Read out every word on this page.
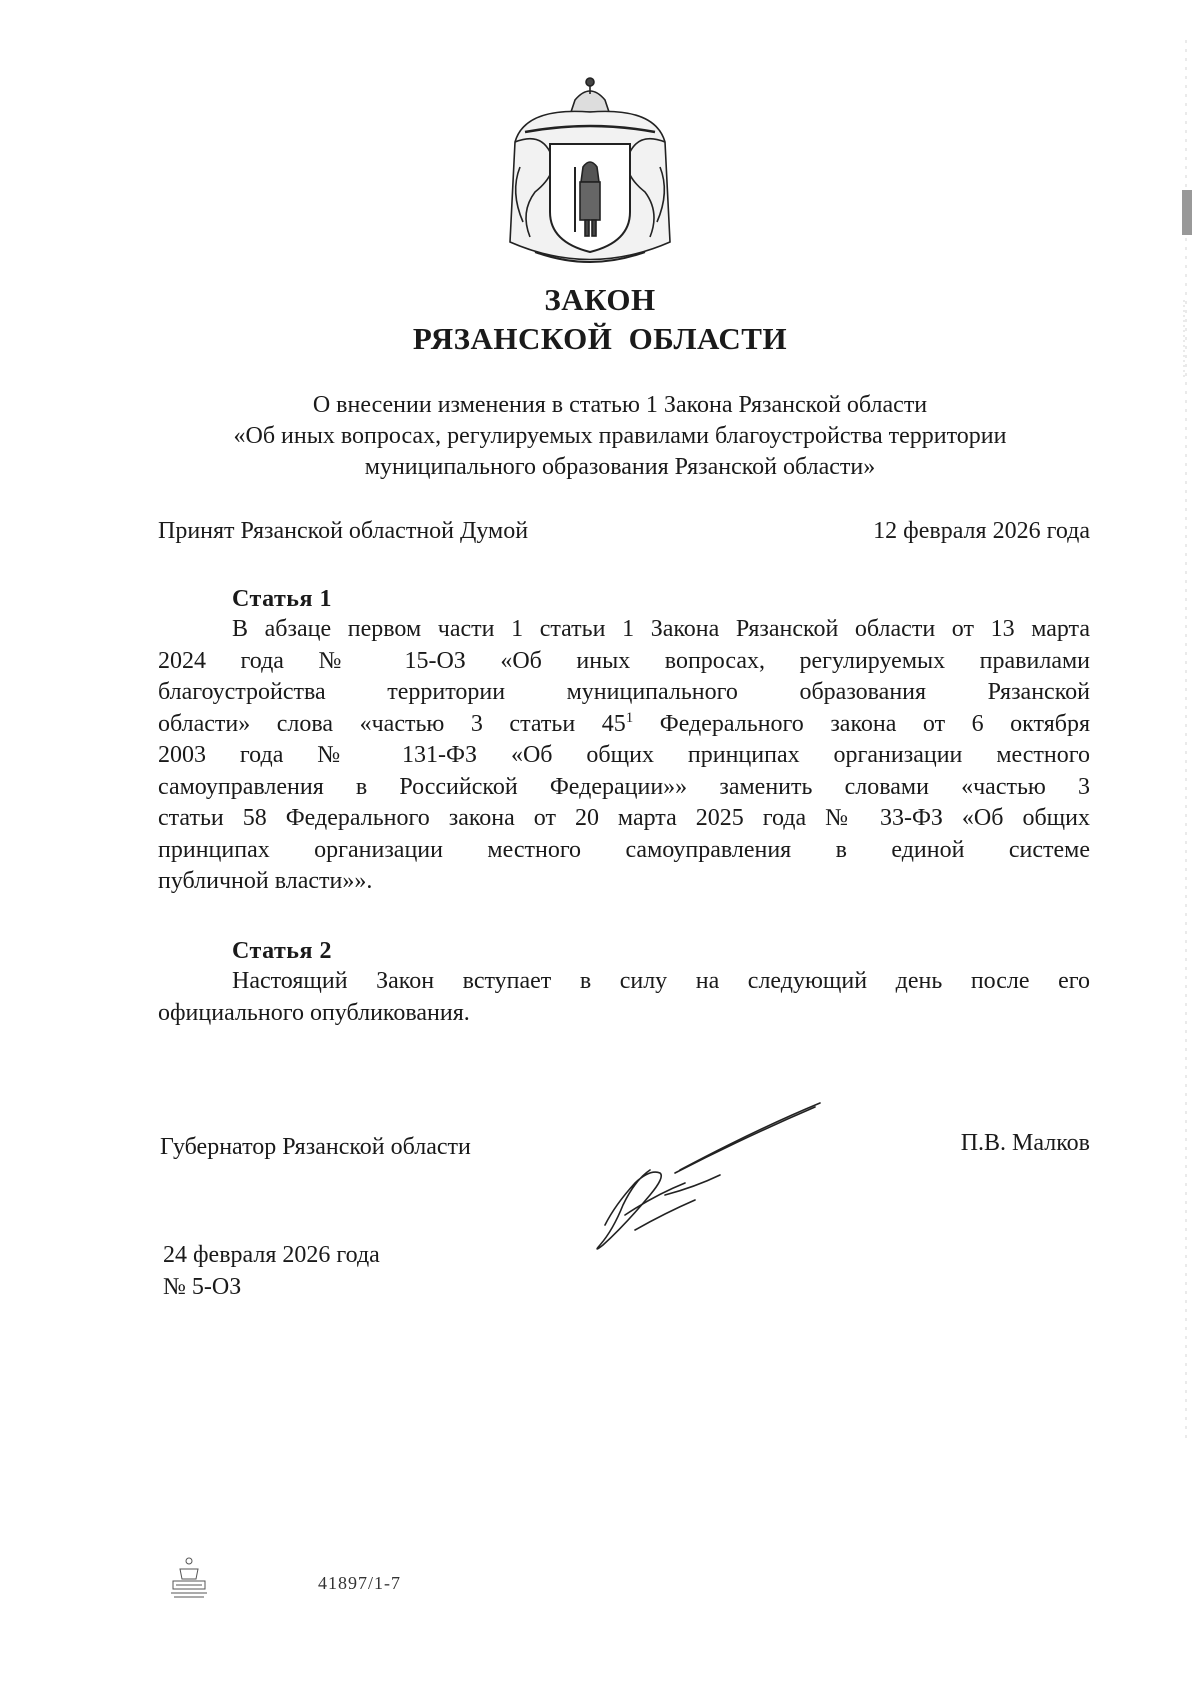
ЗАКОН
РЯЗАНСКОЙ ОБЛАСТИ
О внесении изменения в статью 1 Закона Рязанской области
«Об иных вопросах, регулируемых правилами благоустройства территории
муниципального образования Рязанской области»
Принят Рязанской областной Думой	12 февраля 2026 года
Статья 1
В абзаце первом части 1 статьи 1 Закона Рязанской области от 13 марта
2024 года № 15-ОЗ «Об иных вопросах, регулируемых правилами
благоустройства территории муниципального образования Рязанской
области» слова «частью 3 статьи $45^1$ Федерального закона от 6 октября
2003 года № 131-ФЗ «Об общих принципах организации местного
самоуправления в Российской Федерации»» заменить словами «частью 3
статьи 58 Федерального закона от 20 марта 2025 года № 33-ФЗ «Об общих
принципах организации местного самоуправления в единой системе
публичной власти»».
Статья 2
Настоящий Закон вступает в силу на следующий день после его
официального опубликования.
Губернатор Рязанской области	П.В. Малков
24 февраля 2026 года
№ 5-ОЗ
41897/1-7
